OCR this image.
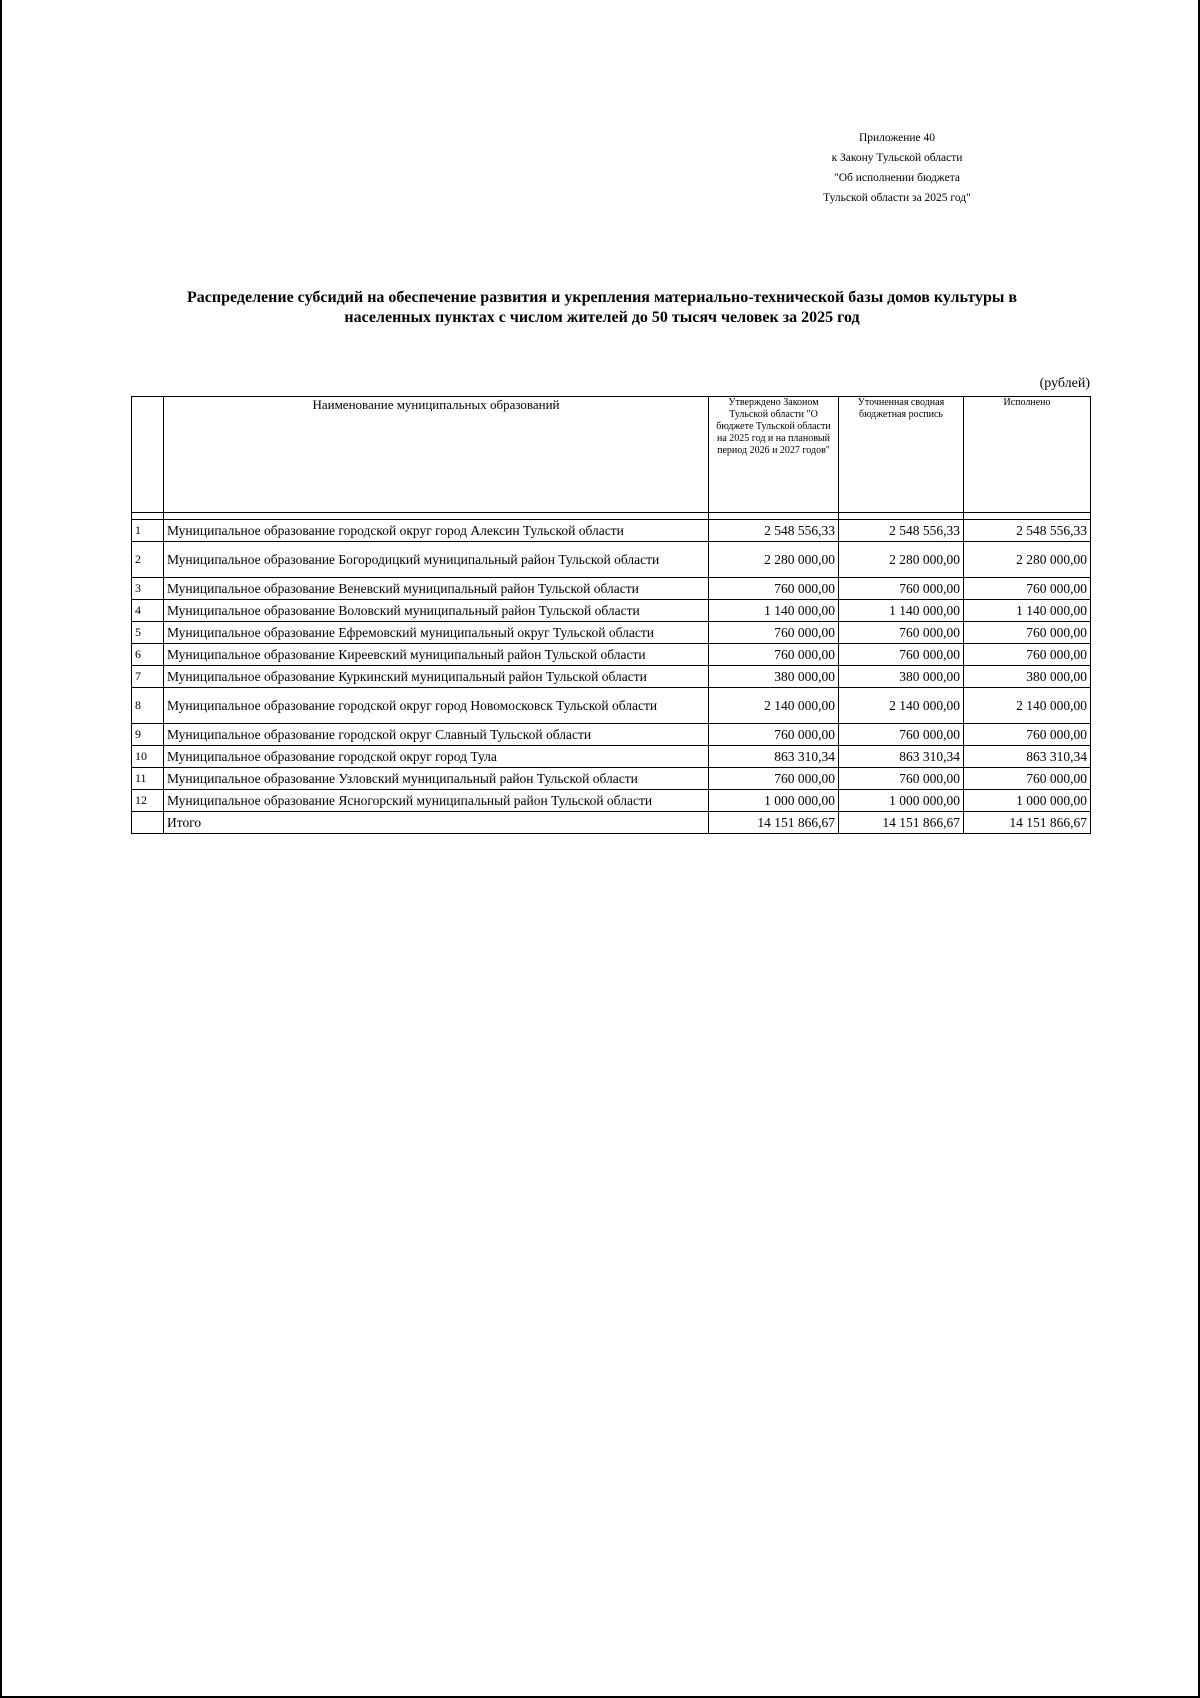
Приложение 40
к Закону Тульской области
"Об исполнении бюджета
Тульской области за 2025 год"
Распределение субсидий на обеспечение развития и укрепления материально-технической базы домов культуры в
населенных пунктах с числом жителей до 50 тысяч человек за 2025 год
(рублей)
	Наименование муниципальных образований	Утверждено Законом Тульской области "О бюджете Тульской области на 2025 год и на плановый период 2026 и 2027 годов"	Уточненная сводная бюджетная роспись	Исполнено

1	Муниципальное образование городской округ город Алексин Тульской области	2 548 556,33	2 548 556,33	2 548 556,33
2	Муниципальное образование Богородицкий муниципальный район Тульской области	2 280 000,00	2 280 000,00	2 280 000,00
3	Муниципальное образование Веневский муниципальный район Тульской области	760 000,00	760 000,00	760 000,00
4	Муниципальное образование Воловский муниципальный район Тульской области	1 140 000,00	1 140 000,00	1 140 000,00
5	Муниципальное образование Ефремовский муниципальный округ Тульской области	760 000,00	760 000,00	760 000,00
6	Муниципальное образование Киреевский муниципальный район Тульской области	760 000,00	760 000,00	760 000,00
7	Муниципальное образование Куркинский муниципальный район Тульской области	380 000,00	380 000,00	380 000,00
8	Муниципальное образование городской округ город Новомосковск Тульской области	2 140 000,00	2 140 000,00	2 140 000,00
9	Муниципальное образование городской округ Славный Тульской области	760 000,00	760 000,00	760 000,00
10	Муниципальное образование городской округ город Тула	863 310,34	863 310,34	863 310,34
11	Муниципальное образование Узловский муниципальный район Тульской области	760 000,00	760 000,00	760 000,00
12	Муниципальное образование Ясногорский муниципальный район Тульской области	1 000 000,00	1 000 000,00	1 000 000,00
	Итого	14 151 866,67	14 151 866,67	14 151 866,67
